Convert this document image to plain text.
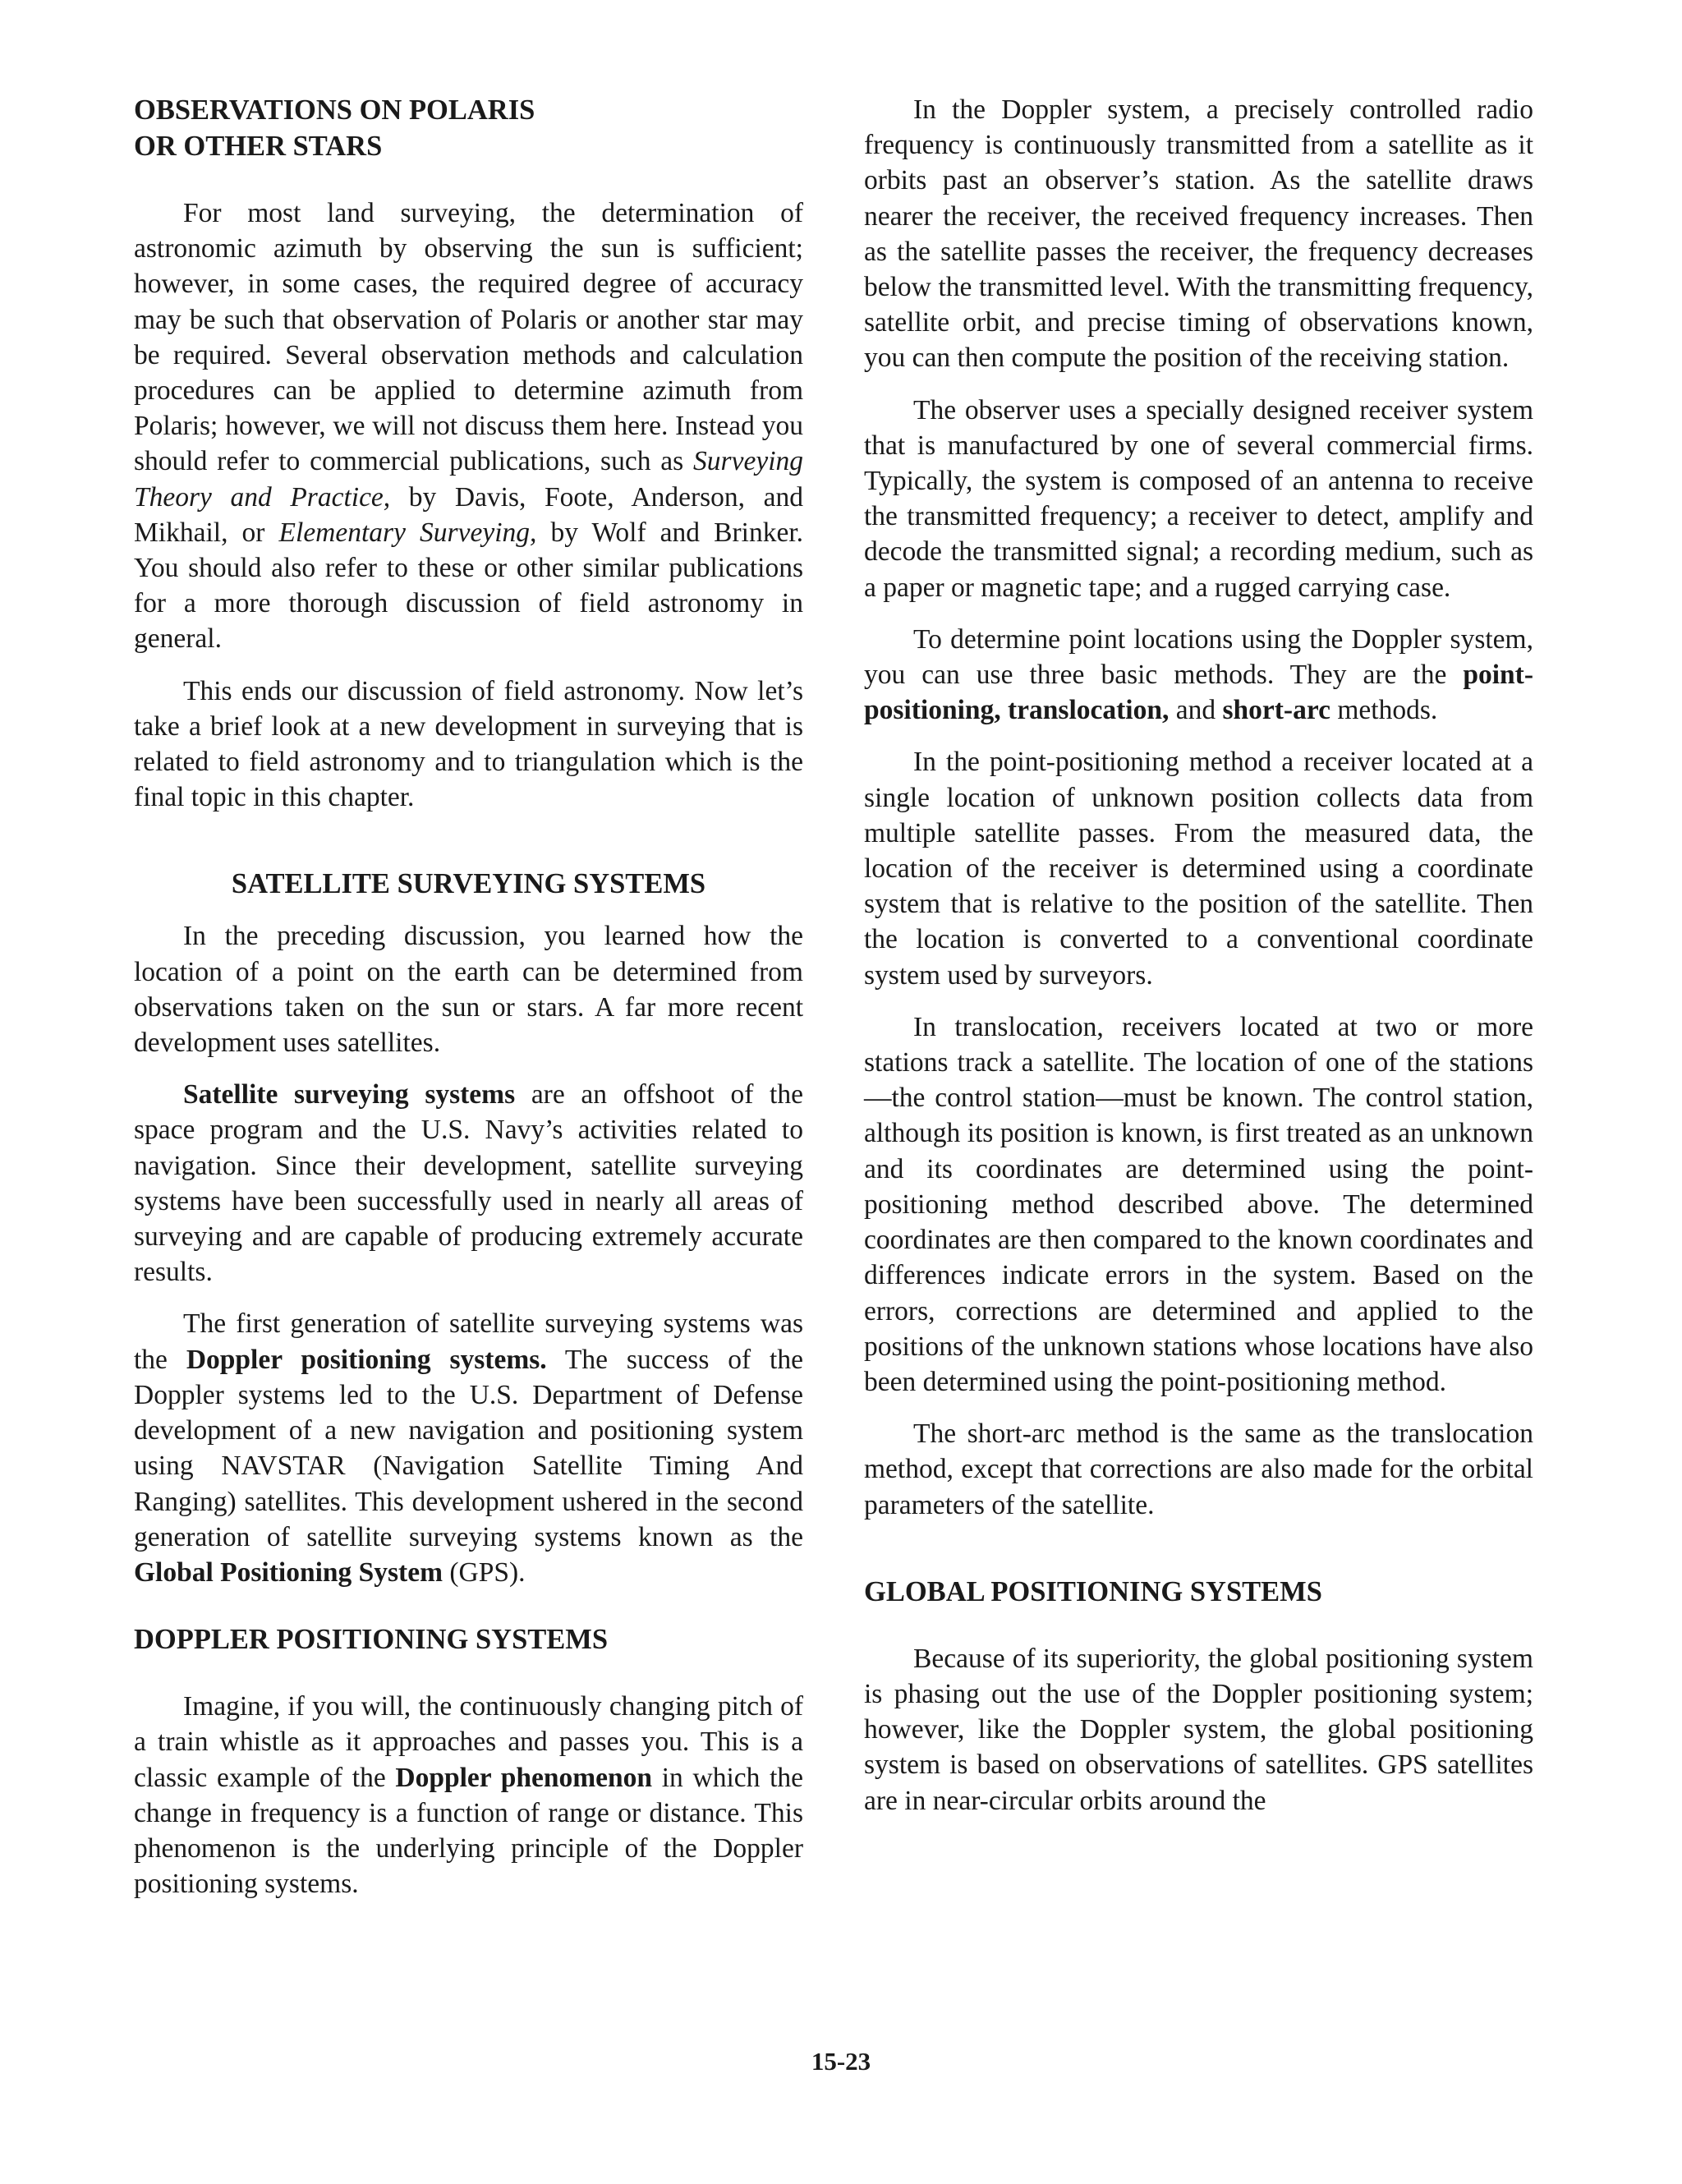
OBSERVATIONS ON POLARIS
OR OTHER STARS

For most land surveying, the determination of astronomic azimuth by observing the sun is sufficient; however, in some cases, the required degree of accuracy may be such that observation of Polaris or another star may be required. Several observation methods and calculation procedures can be applied to determine azimuth from Polaris; however, we will not discuss them here. Instead you should refer to commercial publications, such as Surveying Theory and Practice, by Davis, Foote, Anderson, and Mikhail, or Elementary Surveying, by Wolf and Brinker. You should also refer to these or other similar publications for a more thorough discussion of field astronomy in general.

This ends our discussion of field astronomy. Now let’s take a brief look at a new development in surveying that is related to field astronomy and to triangulation which is the final topic in this chapter.

SATELLITE SURVEYING SYSTEMS

In the preceding discussion, you learned how the location of a point on the earth can be determined from observations taken on the sun or stars. A far more recent development uses satellites.

Satellite surveying systems are an offshoot of the space program and the U.S. Navy’s activities related to navigation. Since their development, satellite surveying systems have been successfully used in nearly all areas of surveying and are capable of producing extremely accurate results.

The first generation of satellite surveying systems was the Doppler positioning systems. The success of the Doppler systems led to the U.S. Department of Defense development of a new navigation and positioning system using NAVSTAR (Navigation Satellite Timing And Ranging) satellites. This development ushered in the second generation of satellite surveying systems known as the Global Positioning System (GPS).

DOPPLER POSITIONING SYSTEMS

Imagine, if you will, the continuously changing pitch of a train whistle as it approaches and passes you. This is a classic example of the Doppler phenomenon in which the change in frequency is a function of range or distance. This phenomenon is the underlying principle of the Doppler positioning systems.

In the Doppler system, a precisely controlled radio frequency is continuously transmitted from a satellite as it orbits past an observer’s station. As the satellite draws nearer the receiver, the received frequency increases. Then as the satellite passes the receiver, the frequency decreases below the transmitted level. With the transmitting frequency, satellite orbit, and precise timing of observations known, you can then compute the position of the receiving station.

The observer uses a specially designed receiver system that is manufactured by one of several commercial firms. Typically, the system is composed of an antenna to receive the transmitted frequency; a receiver to detect, amplify and decode the transmitted signal; a recording medium, such as a paper or magnetic tape; and a rugged carrying case.

To determine point locations using the Doppler system, you can use three basic methods. They are the point-positioning, translocation, and short-arc methods.

In the point-positioning method a receiver located at a single location of unknown position collects data from multiple satellite passes. From the measured data, the location of the receiver is determined using a coordinate system that is relative to the position of the satellite. Then the location is converted to a conventional coordinate system used by surveyors.

In translocation, receivers located at two or more stations track a satellite. The location of one of the stations—the control station—must be known. The control station, although its position is known, is first treated as an unknown and its coordinates are determined using the point-positioning method described above. The determined coordinates are then compared to the known coordinates and differences indicate errors in the system. Based on the errors, corrections are determined and applied to the positions of the unknown stations whose locations have also been determined using the point-positioning method.

The short-arc method is the same as the translocation method, except that corrections are also made for the orbital parameters of the satellite.

GLOBAL POSITIONING SYSTEMS

Because of its superiority, the global positioning system is phasing out the use of the Doppler positioning system; however, like the Doppler system, the global positioning system is based on observations of satellites. GPS satellites are in near-circular orbits around the

15-23
